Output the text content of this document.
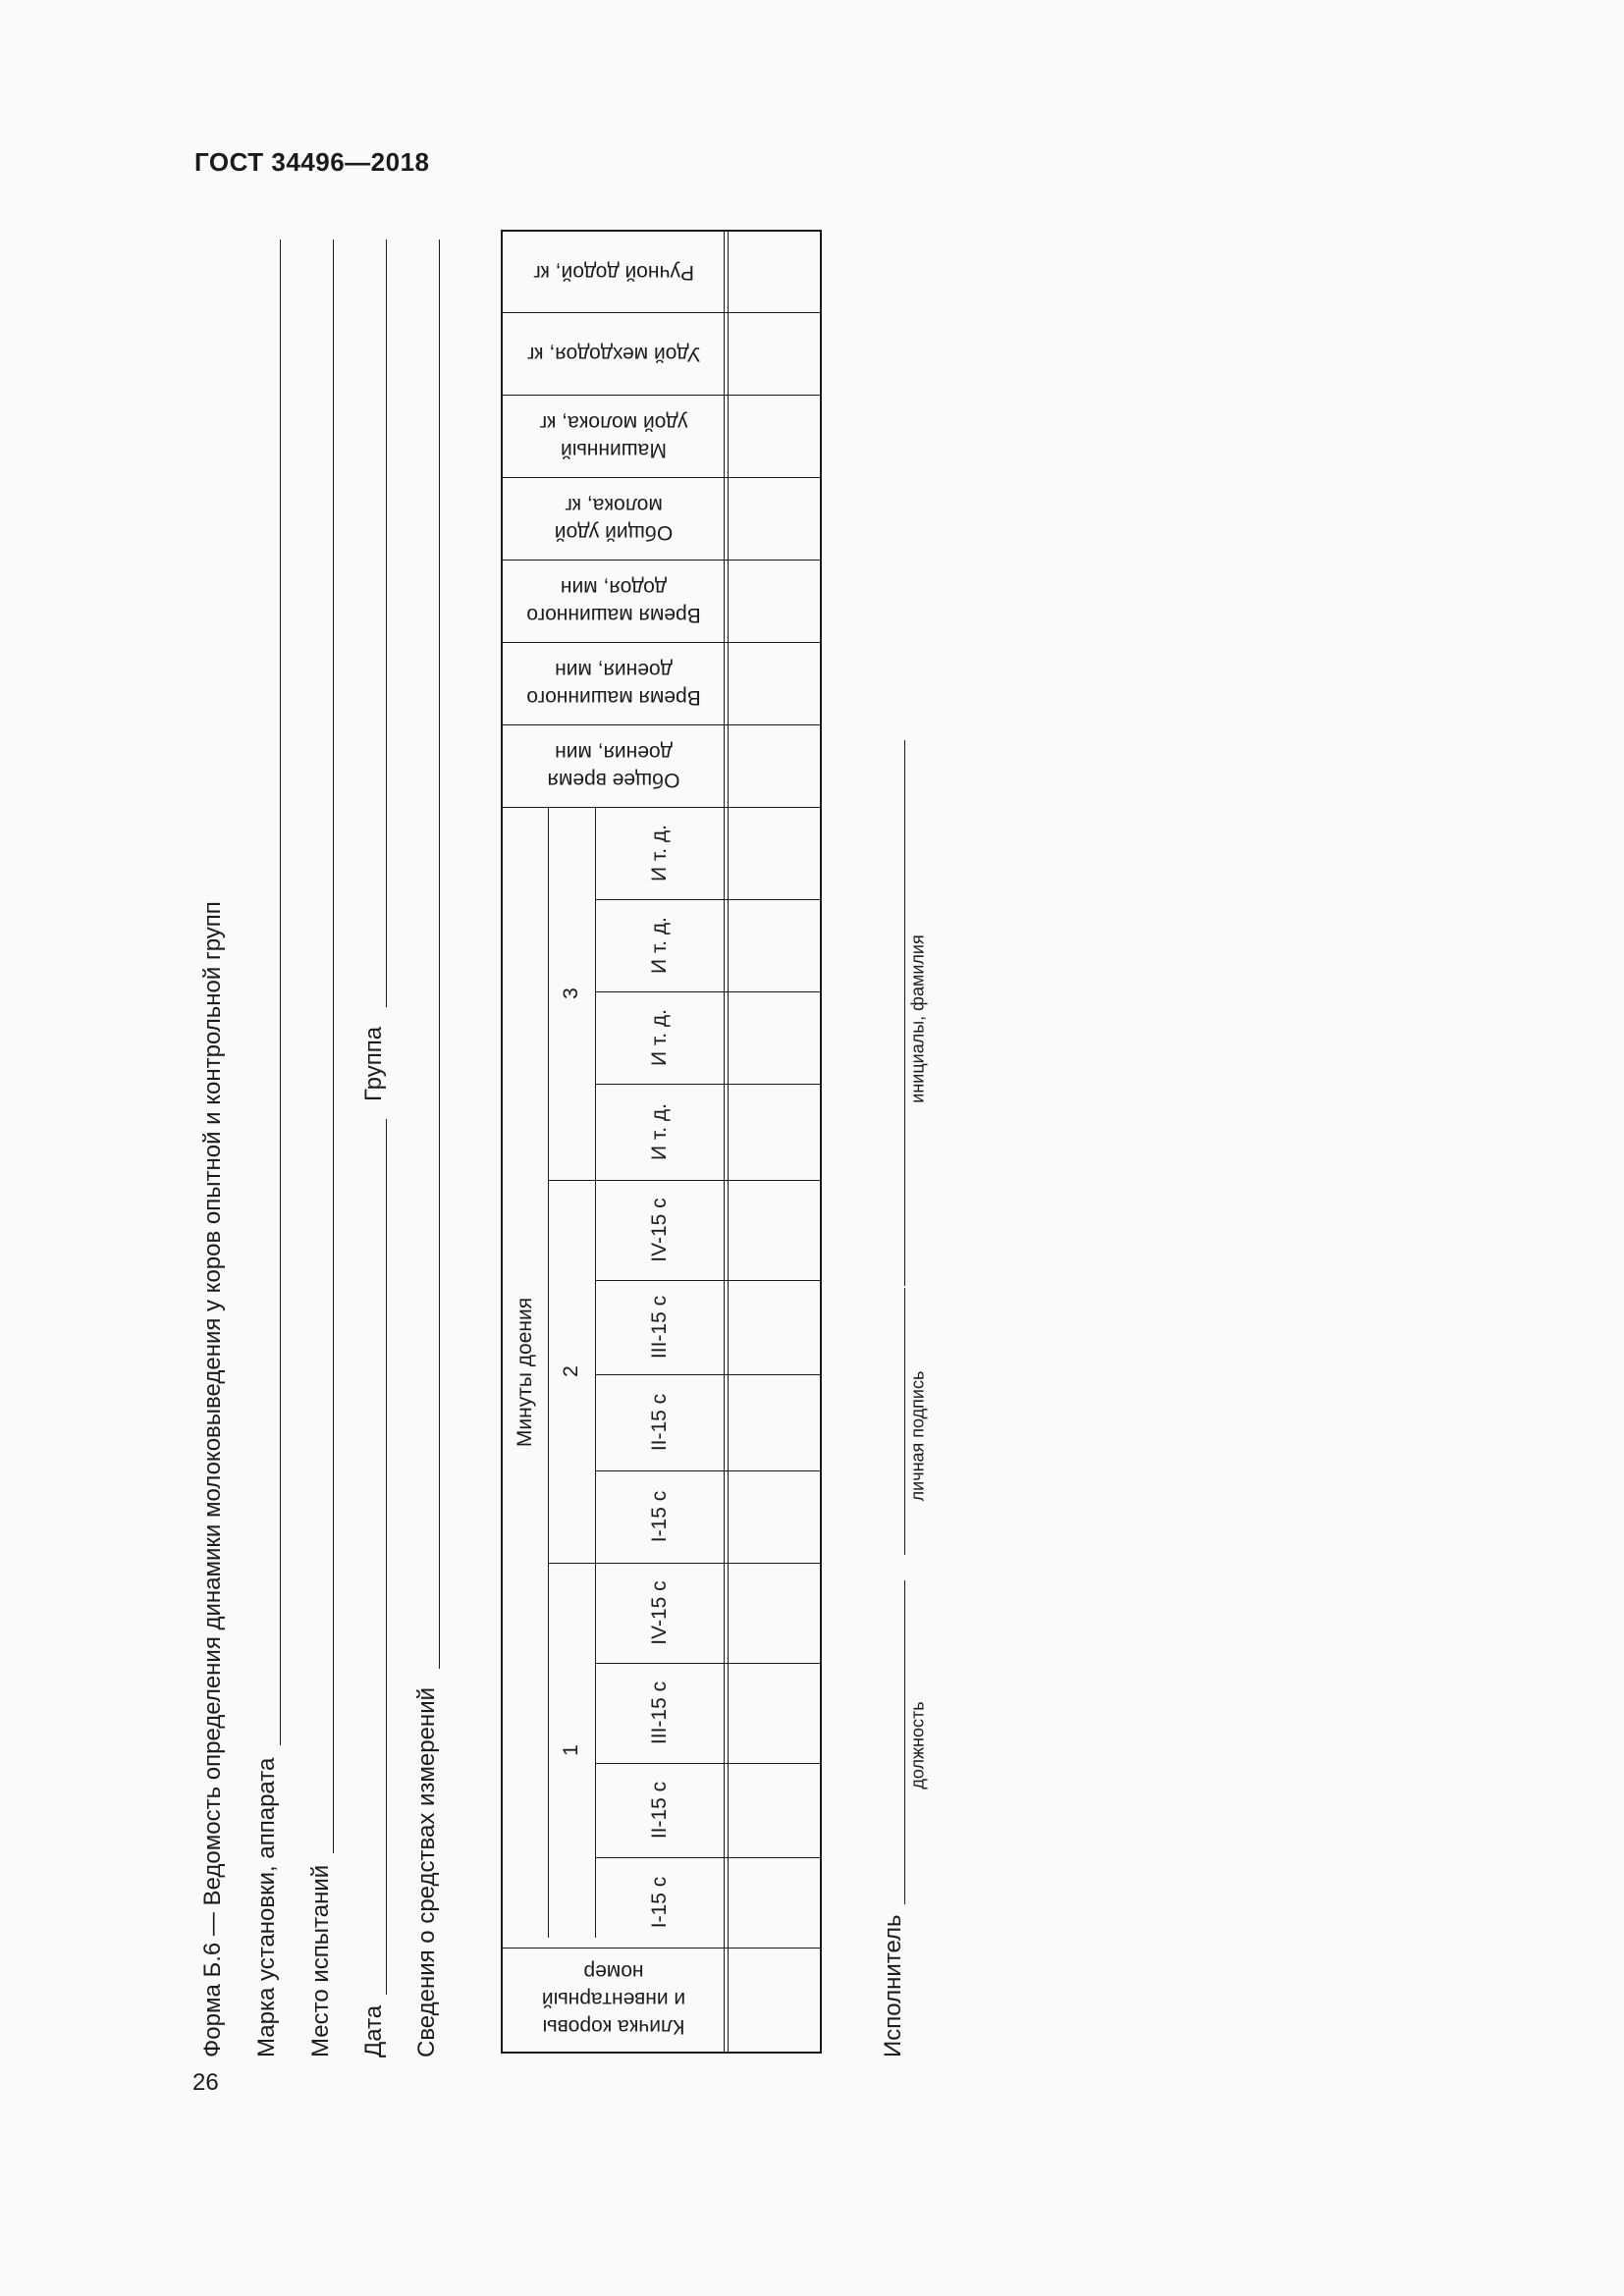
ГОСТ 34496—2018
Форма Б.6 — Ведомость определения динамики молоковыведения у коров опытной и контрольной групп Марка установки, аппарата Место испытаний Дата
Группа
Сведения о средствах измерений
Ручной додой, кг
Удой мехдодоя, кг
Машинный
удой молока, кг
Общий удой
молока, кг
Время машинного
додоя, мин
Время машинного
доения, мин
Общее время
доения, мин
Кличка коровы
и инвентарный
номер
Минуты доения
3
2
1
И т. д.
И т. д.
И т. д.
И т. д.
IV-15 с
III-15 с
II-15 с
I-15 с
IV-15 с
III-15 с
II-15 с
I-15 с
Исполнитель
должность
личная подпись
инициалы, фамилия
26
